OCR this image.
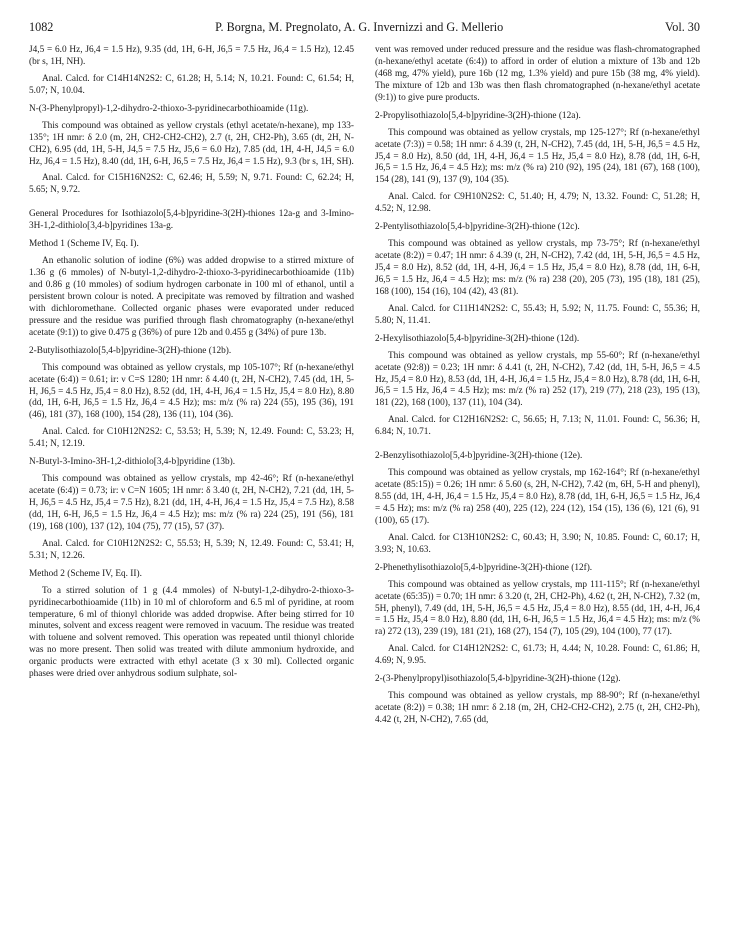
1082	P. Borgna, M. Pregnolato, A. G. Invernizzi and G. Mellerio	Vol. 30

J4,5 = 6.0 Hz, J6,4 = 1.5 Hz), 9.35 (dd, 1H, 6-H, J6,5 = 7.5 Hz, J6,4 = 1.5 Hz), 12.45 (br s, 1H, NH).

Anal. Calcd. for C14H14N2S2: C, 61.28; H, 5.14; N, 10.21. Found: C, 61.54; H, 5.07; N, 10.04.

N-(3-Phenylpropyl)-1,2-dihydro-2-thioxo-3-pyridinecarbothioamide (11g).

This compound was obtained as yellow crystals (ethyl acetate/n-hexane), mp 133-135°; 1H nmr: δ 2.0 (m, 2H, CH2-CH2-CH2), 2.7 (t, 2H, CH2-Ph), 3.65 (dt, 2H, N-CH2), 6.95 (dd, 1H, 5-H, J4,5 = 7.5 Hz, J5,6 = 6.0 Hz), 7.85 (dd, 1H, 4-H, J4,5 = 6.0 Hz, J6,4 = 1.5 Hz), 8.40 (dd, 1H, 6-H, J6,5 = 7.5 Hz, J6,4 = 1.5 Hz), 9.3 (br s, 1H, SH).

Anal. Calcd. for C15H16N2S2: C, 62.46; H, 5.59; N, 9.71. Found: C, 62.24; H, 5.65; N, 9.72.

General Procedures for Isothiazolo[5,4-b]pyridine-3(2H)-thiones 12a-g and 3-Imino-3H-1,2-dithiolo[3,4-b]pyridines 13a-g.

Method 1 (Scheme IV, Eq. I).

An ethanolic solution of iodine (6%) was added dropwise to a stirred mixture of 1.36 g (6 mmoles) of N-butyl-1,2-dihydro-2-thioxo-3-pyridinecarbothioamide (11b) and 0.86 g (10 mmoles) of sodium hydrogen carbonate in 100 ml of ethanol, until a persistent brown colour is noted. A precipitate was removed by filtration and washed with dichloromethane. Collected organic phases were evaporated under reduced pressure and the residue was purified through flash chromatography (n-hexane/ethyl acetate (9:1)) to give 0.475 g (36%) of pure 12b and 0.455 g (34%) of pure 13b.

2-Butylisothiazolo[5,4-b]pyridine-3(2H)-thione (12b).

This compound was obtained as yellow crystals, mp 105-107°; Rf (n-hexane/ethyl acetate (6:4)) = 0.61; ir: ν C=S 1280; 1H nmr: δ 4.40 (t, 2H, N-CH2), 7.45 (dd, 1H, 5-H, J6,5 = 4.5 Hz, J5,4 = 8.0 Hz), 8.52 (dd, 1H, 4-H, J6,4 = 1.5 Hz, J5,4 = 8.0 Hz), 8.80 (dd, 1H, 6-H, J6,5 = 1.5 Hz, J6,4 = 4.5 Hz); ms: m/z (% ra) 224 (55), 195 (36), 191 (46), 181 (37), 168 (100), 154 (28), 136 (11), 104 (36).

Anal. Calcd. for C10H12N2S2: C, 53.53; H, 5.39; N, 12.49. Found: C, 53.23; H, 5.41; N, 12.19.

N-Butyl-3-Imino-3H-1,2-dithiolo[3,4-b]pyridine (13b).

This compound was obtained as yellow crystals, mp 42-46°; Rf (n-hexane/ethyl acetate (6:4)) = 0.73; ir: ν C=N 1605; 1H nmr: δ 3.40 (t, 2H, N-CH2), 7.21 (dd, 1H, 5-H, J6,5 = 4.5 Hz, J5,4 = 7.5 Hz), 8.21 (dd, 1H, 4-H, J6,4 = 1.5 Hz, J5,4 = 7.5 Hz), 8.58 (dd, 1H, 6-H, J6,5 = 1.5 Hz, J6,4 = 4.5 Hz); ms: m/z (% ra) 224 (25), 191 (56), 181 (19), 168 (100), 137 (12), 104 (75), 77 (15), 57 (37).

Anal. Calcd. for C10H12N2S2: C, 55.53; H, 5.39; N, 12.49. Found: C, 53.41; H, 5.31; N, 12.26.

Method 2 (Scheme IV, Eq. II).

To a stirred solution of 1 g (4.4 mmoles) of N-butyl-1,2-dihydro-2-thioxo-3-pyridinecarbothioamide (11b) in 10 ml of chloroform and 6.5 ml of pyridine, at room temperature, 6 ml of thionyl chloride was added dropwise. After being stirred for 10 minutes, solvent and excess reagent were removed in vacuum. The residue was treated with toluene and solvent removed. This operation was repeated until thionyl chloride was no more present. Then solid was treated with dilute ammonium hydroxide, and organic products were extracted with ethyl acetate (3 x 30 ml). Collected organic phases were dried over anhydrous sodium sulphate, sol-

vent was removed under reduced pressure and the residue was flash-chromatographed (n-hexane/ethyl acetate (6:4)) to afford in order of elution a mixture of 13b and 12b (468 mg, 47% yield), pure 16b (12 mg, 1.3% yield) and pure 15b (38 mg, 4% yield). The mixture of 12b and 13b was then flash chromatographed (n-hexane/ethyl acetate (9:1)) to give pure products.

2-Propylisothiazolo[5,4-b]pyridine-3(2H)-thione (12a).

This compound was obtained as yellow crystals, mp 125-127°; Rf (n-hexane/ethyl acetate (7:3)) = 0.58; 1H nmr: δ 4.39 (t, 2H, N-CH2), 7.45 (dd, 1H, 5-H, J6,5 = 4.5 Hz, J5,4 = 8.0 Hz), 8.50 (dd, 1H, 4-H, J6,4 = 1.5 Hz, J5,4 = 8.0 Hz), 8.78 (dd, 1H, 6-H, J6,5 = 1.5 Hz, J6,4 = 4.5 Hz); ms: m/z (% ra) 210 (92), 195 (24), 181 (67), 168 (100), 154 (28), 141 (9), 137 (9), 104 (35).

Anal. Calcd. for C9H10N2S2: C, 51.40; H, 4.79; N, 13.32. Found: C, 51.28; H, 4.52; N, 12.98.

2-Pentylisothiazolo[5,4-b]pyridine-3(2H)-thione (12c).

This compound was obtained as yellow crystals, mp 73-75°; Rf (n-hexane/ethyl acetate (8:2)) = 0.47; 1H nmr: δ 4.39 (t, 2H, N-CH2), 7.42 (dd, 1H, 5-H, J6,5 = 4.5 Hz, J5,4 = 8.0 Hz), 8.52 (dd, 1H, 4-H, J6,4 = 1.5 Hz, J5,4 = 8.0 Hz), 8.78 (dd, 1H, 6-H, J6,5 = 1.5 Hz, J6,4 = 4.5 Hz); ms: m/z (% ra) 238 (20), 205 (73), 195 (18), 181 (25), 168 (100), 154 (16), 104 (42), 43 (81).

Anal. Calcd. for C11H14N2S2: C, 55.43; H, 5.92; N, 11.75. Found: C, 55.36; H, 5.80; N, 11.41.

2-Hexylisothiazolo[5,4-b]pyridine-3(2H)-thione (12d).

This compound was obtained as yellow crystals, mp 55-60°; Rf (n-hexane/ethyl acetate (92:8)) = 0.23; 1H nmr: δ 4.41 (t, 2H, N-CH2), 7.42 (dd, 1H, 5-H, J6,5 = 4.5 Hz, J5,4 = 8.0 Hz), 8.53 (dd, 1H, 4-H, J6,4 = 1.5 Hz, J5,4 = 8.0 Hz), 8.78 (dd, 1H, 6-H, J6,5 = 1.5 Hz, J6,4 = 4.5 Hz); ms: m/z (% ra) 252 (17), 219 (77), 218 (23), 195 (13), 181 (22), 168 (100), 137 (11), 104 (34).

Anal. Calcd. for C12H16N2S2: C, 56.65; H, 7.13; N, 11.01. Found: C, 56.36; H, 6.84; N, 10.71.

2-Benzylisothiazolo[5,4-b]pyridine-3(2H)-thione (12e).

This compound was obtained as yellow crystals, mp 162-164°; Rf (n-hexane/ethyl acetate (85:15)) = 0.26; 1H nmr: δ 5.60 (s, 2H, N-CH2), 7.42 (m, 6H, 5-H and phenyl), 8.55 (dd, 1H, 4-H, J6,4 = 1.5 Hz, J5,4 = 8.0 Hz), 8.78 (dd, 1H, 6-H, J6,5 = 1.5 Hz, J6,4 = 4.5 Hz); ms: m/z (% ra) 258 (40), 225 (12), 224 (12), 154 (15), 136 (6), 121 (6), 91 (100), 65 (17).

Anal. Calcd. for C13H10N2S2: C, 60.43; H, 3.90; N, 10.85. Found: C, 60.17; H, 3.93; N, 10.63.

2-Phenethylisothiazolo[5,4-b]pyridine-3(2H)-thione (12f).

This compound was obtained as yellow crystals, mp 111-115°; Rf (n-hexane/ethyl acetate (65:35)) = 0.70; 1H nmr: δ 3.20 (t, 2H, CH2-Ph), 4.62 (t, 2H, N-CH2), 7.32 (m, 5H, phenyl), 7.49 (dd, 1H, 5-H, J6,5 = 4.5 Hz, J5,4 = 8.0 Hz), 8.55 (dd, 1H, 4-H, J6,4 = 1.5 Hz, J5,4 = 8.0 Hz), 8.80 (dd, 1H, 6-H, J6,5 = 1.5 Hz, J6,4 = 4.5 Hz); ms: m/z (% ra) 272 (13), 239 (19), 181 (21), 168 (27), 154 (7), 105 (29), 104 (100), 77 (17).

Anal. Calcd. for C14H12N2S2: C, 61.73; H, 4.44; N, 10.28. Found: C, 61.86; H, 4.69; N, 9.95.

2-(3-Phenylpropyl)isothiazolo[5,4-b]pyridine-3(2H)-thione (12g).

This compound was obtained as yellow crystals, mp 88-90°; Rf (n-hexane/ethyl acetate (8:2)) = 0.38; 1H nmr: δ 2.18 (m, 2H, CH2-CH2-CH2), 2.75 (t, 2H, CH2-Ph), 4.42 (t, 2H, N-CH2), 7.65 (dd,
